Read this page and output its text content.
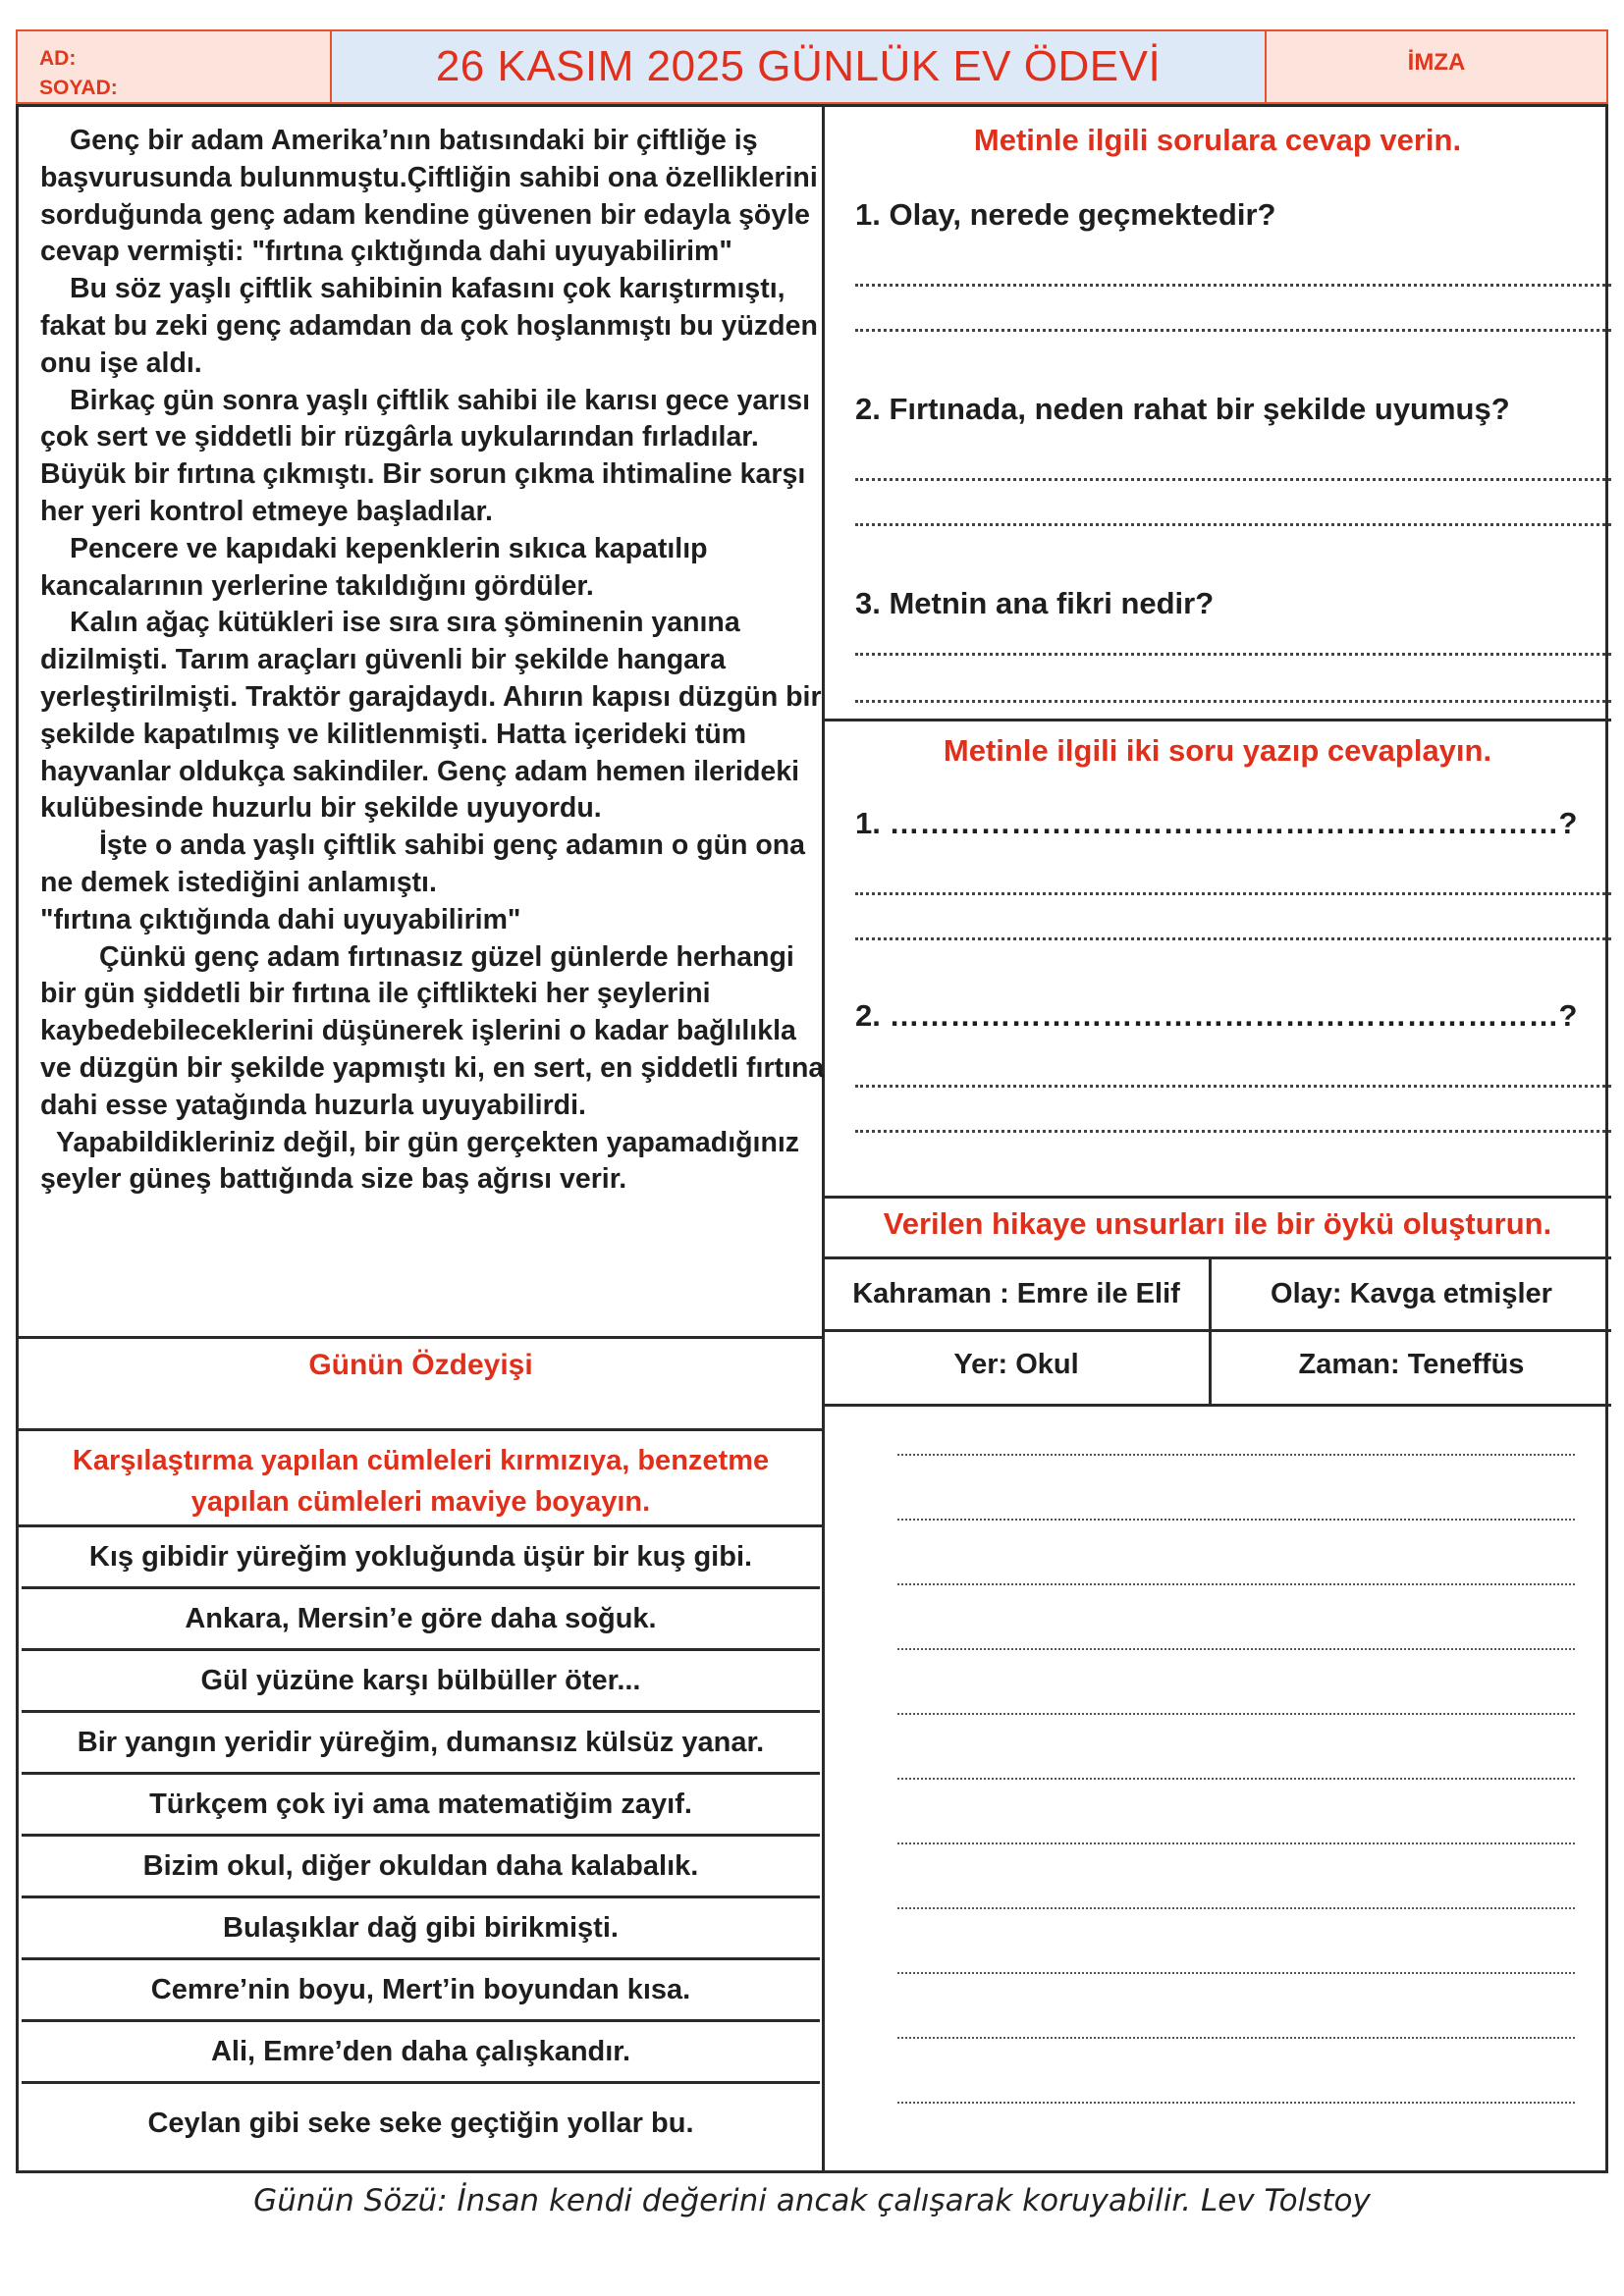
AD:
SOYAD:	26 KASIM 2025 GÜNLÜK EV ÖDEVİ	İMZA

Genç bir adam Amerika’nın batısındaki bir çiftliğe iş başvurusunda bulunmuştu.Çiftliğin sahibi ona özelliklerini sorduğunda genç adam kendine güvenen bir edayla şöyle cevap vermişti: "fırtına çıktığında dahi uyuyabilirim"

Bu söz yaşlı çiftlik sahibinin kafasını çok karıştırmıştı, fakat bu zeki genç adamdan da çok hoşlanmıştı bu yüzden onu işe aldı.

Birkaç gün sonra yaşlı çiftlik sahibi ile karısı gece yarısı çok sert ve şiddetli bir rüzgârla uykularından fırladılar. Büyük bir fırtına çıkmıştı. Bir sorun çıkma ihtimaline karşı her yeri kontrol etmeye başladılar.

Pencere ve kapıdaki kepenklerin sıkıca kapatılıp kancalarının yerlerine takıldığını gördüler.

Kalın ağaç kütükleri ise sıra sıra şöminenin yanına dizilmişti. Tarım araçları güvenli bir şekilde hangara yerleştirilmişti. Traktör garajdaydı. Ahırın kapısı düzgün bir şekilde kapatılmış ve kilitlenmişti. Hatta içerideki tüm hayvanlar oldukça sakindiler. Genç adam hemen ilerideki kulübesinde huzurlu bir şekilde uyuyordu.

İşte o anda yaşlı çiftlik sahibi genç adamın o gün ona ne demek istediğini anlamıştı.

"fırtına çıktığında dahi uyuyabilirim"

Çünkü genç adam fırtınasız güzel günlerde herhangi bir gün şiddetli bir fırtına ile çiftlikteki her şeylerini kaybedebileceklerini düşünerek işlerini o kadar bağlılıkla ve düzgün bir şekilde yapmıştı ki, en sert, en şiddetli fırtına dahi esse yatağında huzurla uyuyabilirdi.

Yapabildikleriniz değil, bir gün gerçekten yapamadığınız şeyler güneş battığında size baş ağrısı verir.

Günün Özdeyişi
Karşılaştırma yapılan cümleleri kırmızıya, benzetme
yapılan cümleleri maviye boyayın.
Kış gibidir yüreğim yokluğunda üşür bir kuş gibi.
Ankara, Mersin’e göre daha soğuk.
Gül yüzüne karşı bülbüller öter...
Bir yangın yeridir yüreğim, dumansız külsüz yanar.
Türkçem çok iyi ama matematiğim zayıf.
Bizim okul, diğer okuldan daha kalabalık.
Bulaşıklar dağ gibi birikmişti.
Cemre’nin boyu, Mert’in boyundan kısa.
Ali, Emre’den daha çalışkandır.
Ceylan gibi seke seke geçtiğin yollar bu.
Metinle ilgili sorulara cevap verin.
1. Olay, nerede geçmektedir?
2. Fırtınada, neden rahat bir şekilde uyumuş?
3. Metnin ana fikri nedir?
Metinle ilgili iki soru yazıp cevaplayın.
1. …………………………………………………………?
2. …………………………………………………………?
Verilen hikaye unsurları ile bir öykü oluşturun.
Kahraman : Emre ile Elif	Olay: Kavga etmişler
Yer: Okul	Zaman: Teneffüs
Günün Sözü: İnsan kendi değerini ancak çalışarak koruyabilir. Lev Tolstoy
